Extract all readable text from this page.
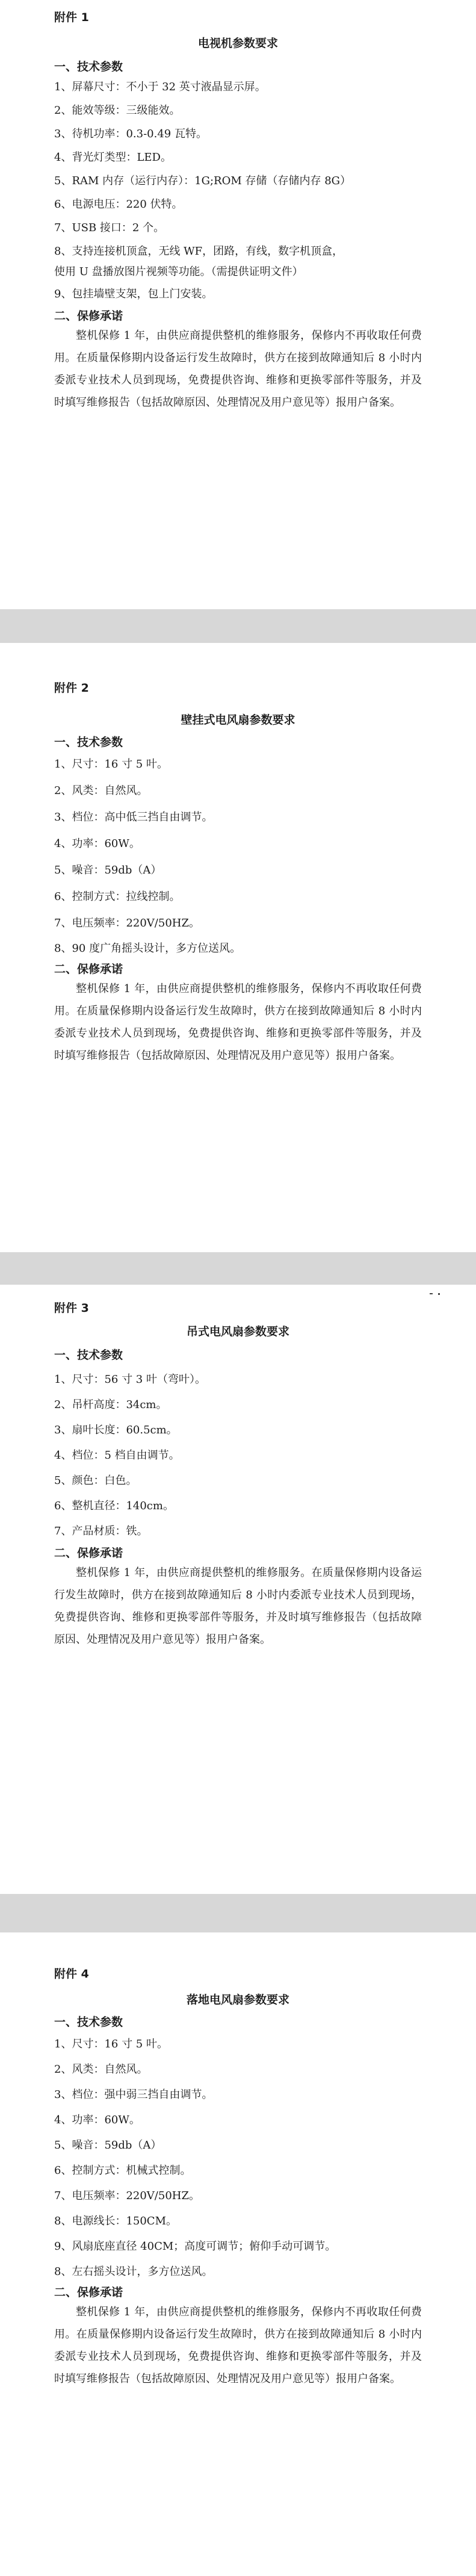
附件 1

电视机参数要求

一、技术参数

1、屏幕尺寸：不小于 32 英寸液晶显示屏。

2、能效等级：三级能效。

3、待机功率：0.3-0.49 瓦特。

4、背光灯类型：LED。

5、RAM 内存（运行内存）：1G;ROM 存储（存储内存 8G）

6、电源电压：220 伏特。

7、USB 接口：2 个。

8、支持连接机顶盒，无线 WF，团路，有线，数字机顶盒，

使用 U 盘播放图片视频等功能。（需提供证明文件）

9、包挂墙壁支架，包上门安装。

二、保修承诺

整机保修 1 年，由供应商提供整机的维修服务，保修内不再收取任何费用。在质量保修期内设备运行发生故障时，供方在接到故障通知后 8 小时内委派专业技术人员到现场，免费提供咨询、维修和更换零部件等服务，并及时填写维修报告（包括故障原因、处理情况及用户意见等）报用户备案。

附件 2

壁挂式电风扇参数要求

一、技术参数

1、尺寸：16 寸 5 叶。

2、风类：自然风。

3、档位：高中低三挡自由调节。

4、功率：60W。

5、噪音：59db（A）

6、控制方式：拉线控制。

7、电压频率：220V/50HZ。

8、90 度广角摇头设计，多方位送风。

二、保修承诺

整机保修 1 年，由供应商提供整机的维修服务，保修内不再收取任何费用。在质量保修期内设备运行发生故障时，供方在接到故障通知后 8 小时内委派专业技术人员到现场，免费提供咨询、维修和更换零部件等服务，并及时填写维修报告（包括故障原因、处理情况及用户意见等）报用户备案。

附件 3

吊式电风扇参数要求

一、技术参数

1、尺寸：56 寸 3 叶（弯叶）。

2、吊杆高度：34cm。

3、扇叶长度：60.5cm。

4、档位：5 档自由调节。

5、颜色：白色。

6、整机直径：140cm。

7、产品材质：铁。

二、保修承诺

整机保修 1 年，由供应商提供整机的维修服务。在质量保修期内设备运行发生故障时，供方在接到故障通知后 8 小时内委派专业技术人员到现场，免费提供咨询、维修和更换零部件等服务，并及时填写维修报告（包括故障原因、处理情况及用户意见等）报用户备案。

附件 4

落地电风扇参数要求

一、技术参数

1、尺寸：16 寸 5 叶。

2、风类：自然风。

3、档位：强中弱三挡自由调节。

4、功率：60W。

5、噪音：59db（A）

6、控制方式：机械式控制。

7、电压频率：220V/50HZ。

8、电源线长：150CM。

9、风扇底座直径 40CM；高度可调节；俯仰手动可调节。

8、左右摇头设计，多方位送风。

二、保修承诺

整机保修 1 年，由供应商提供整机的维修服务，保修内不再收取任何费用。在质量保修期内设备运行发生故障时，供方在接到故障通知后 8 小时内委派专业技术人员到现场，免费提供咨询、维修和更换零部件等服务，并及时填写维修报告（包括故障原因、处理情况及用户意见等）报用户备案。
